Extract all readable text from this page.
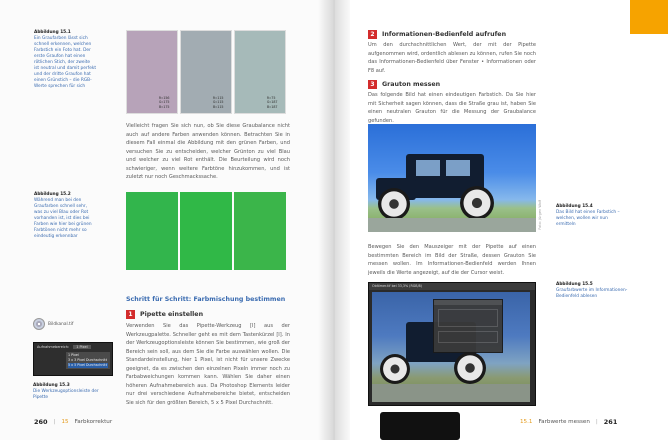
Abbildung 15.1
Ein Graufarben lässt sich schnell erkennen, welchen Farbstich ein Foto hat. Der erste Graufon hat einen rötlichen Stich, der zweite ist neutral und damit perfekt und der dritte Graufon hat einen Grünstich – die RGB-Werte sprechen für sich
R=156
G=175
B=175
R=115
G=115
B=115
R=75
G=187
B=187
Vielleicht fragen Sie sich nun, ob Sie diese Graubalance nicht auch auf andere Farben anwenden können. Betrachten Sie in diesem Fall einmal die Abbildung mit den grünen Farben, und versuchen Sie zu entscheiden, welcher Grünton zu viel Blau und welcher zu viel Rot enthält. Die Beurteilung wird noch schwieriger, wenn weitere Farbtöne hinzukommen, und ist zuletzt nur noch Geschmackssache.
Abbildung 15.2
Während man bei den Graufarben schnell sehr, was zu viel Blau oder Rot vorhanden ist, ist dies bei Farben wie hier bei grünen Farbtönen nicht mehr so eindeutig erkennbar
Schritt für Schritt: Farbmischung bestimmen
1	Pipette einstellen
Verwenden Sie das Pipette-Werkzeug [I] aus der Werkzeugpalette. Schneller geht es mit dem Tastenkürzel [I]. In der Werkzeugoptionsleiste können Sie bestimmen, wie groß der Bereich sein soll, aus dem Sie die Farbe auswählen wollen. Die Standardeinstellung, hier 1 Pixel, ist nicht für unsere Zwecke geeignet, da es zwischen den einzelnen Pixeln immer noch zu Farbabweichungen kommen kann. Wählen Sie daher einen höheren Aufnahmebereich aus. Da Photoshop Elements leider nur drei verschiedene Aufnahmebereiche bietet, entscheiden Sie sich für den größten Bereich, 5 x 5 Pixel Durchschnitt.
Bildkanal.tif
Aufnahmebereich:	1 Pixel
1 Pixel
3 x 3 Pixel Durchschnitt
5 x 5 Pixel Durchschnitt
Abbildung 15.3
Die Werkzeugoptionsleiste der Pipette
260 | 15 Farbkorrektur
2	Informationen-Bedienfeld aufrufen
Um den durchschnittlichen Wert, der mit der Pipette aufgenommen wird, ordentlich ablesen zu können, rufen Sie noch das Informationen-Bedienfeld über Fenster • Informationen oder F8 auf.
3	Grauton messen
Das folgende Bild hat einen eindeutigen Farbstich. Da Sie hier mit Sicherheit sagen können, dass die Straße grau ist, haben Sie einen neutralen Grauton für die Messung der Graubalance gefunden.
Foto: Jürgen Wolf	Abbildung 15.4
Das Bild hat einen Farbstich – welchen, wollen wir nun ermitteln
Bewegen Sie den Mauszeiger mit der Pipette auf einen bestimmten Bereich im Bild der Straße, dessen Grauton Sie messen wollen. Im Informationen-Bedienfeld werden Ihnen jeweils die Werte angezeigt, auf die der Cursor weist.
Oldtimer.tif bei 33,3% (RGB/8)	Abbildung 15.5
Graufarbwerte im Informationen-Bedienfeld ablesen
15.1 Farbwerte messen | 261
